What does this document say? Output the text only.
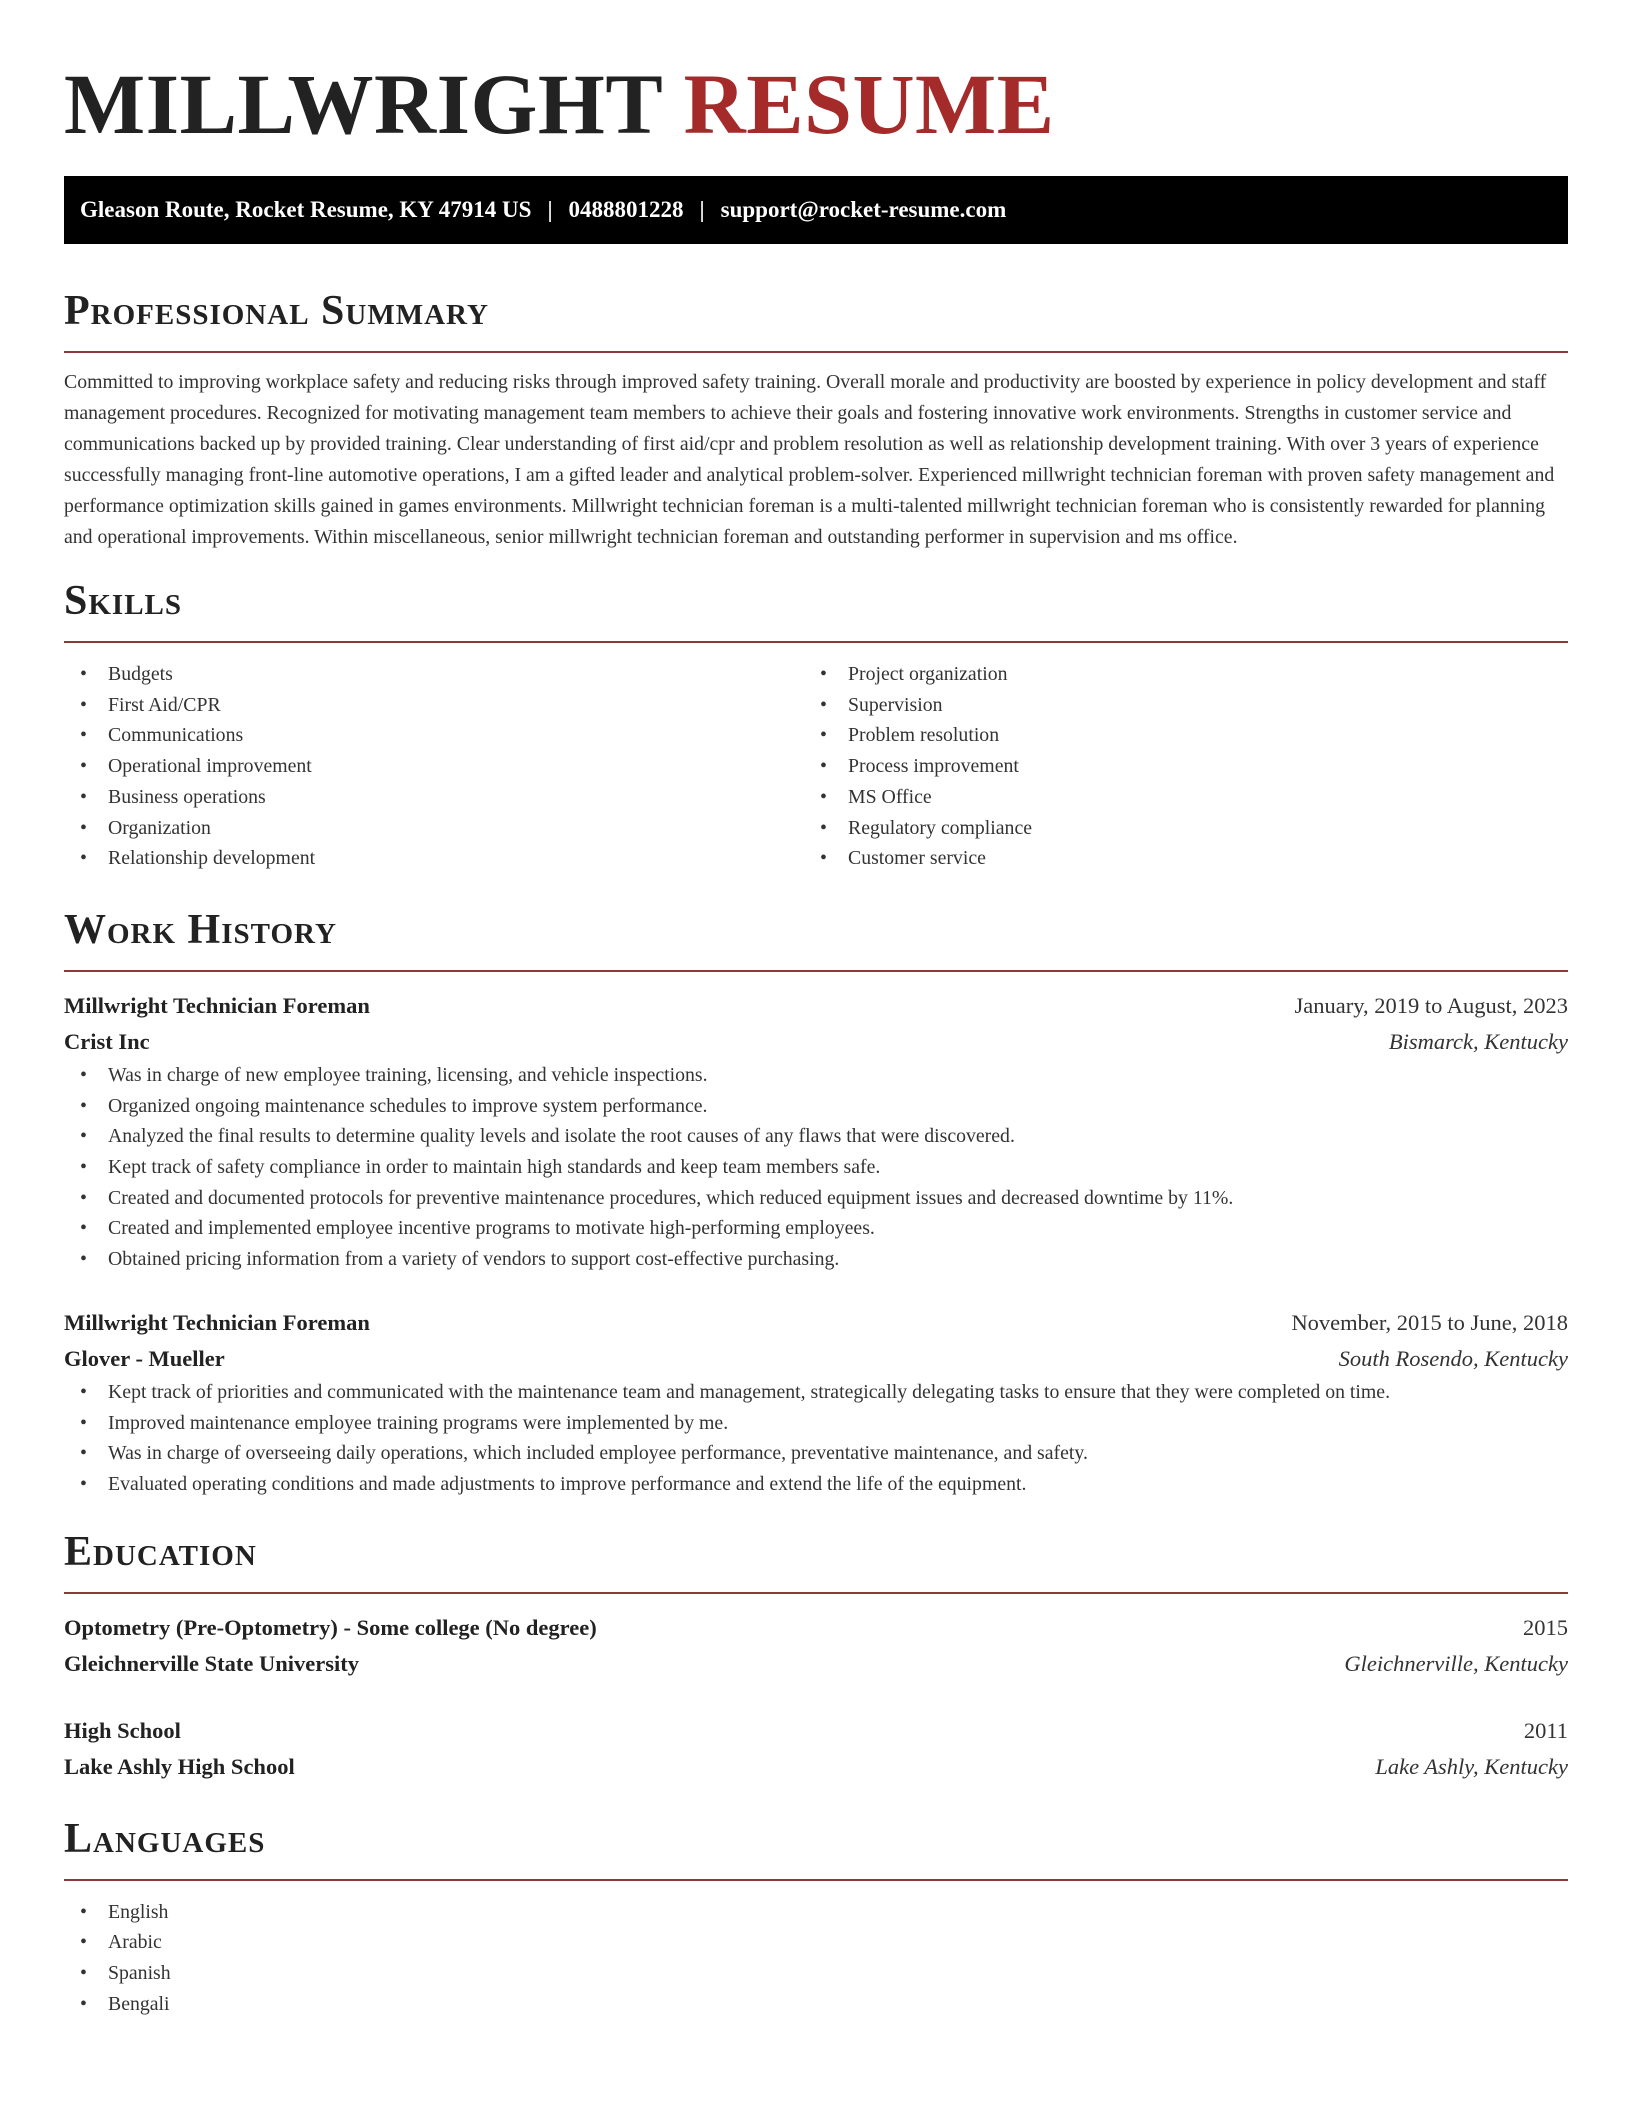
MILLWRIGHT RESUME
Gleason Route, Rocket Resume, KY 47914 US | 0488801228 | support@rocket-resume.com
Professional Summary

Committed to improving workplace safety and reducing risks through improved safety training. Overall morale and productivity are boosted by experience in policy development and staff management procedures. Recognized for motivating management team members to achieve their goals and fostering innovative work environments. Strengths in customer service and communications backed up by provided training. Clear understanding of first aid/cpr and problem resolution as well as relationship development training. With over 3 years of experience successfully managing front-line automotive operations, I am a gifted leader and analytical problem-solver. Experienced millwright technician foreman with proven safety management and performance optimization skills gained in games environments. Millwright technician foreman is a multi-talented millwright technician foreman who is consistently rewarded for planning and operational improvements. Within miscellaneous, senior millwright technician foreman and outstanding performer in supervision and ms office.

Skills
• Budgets
• First Aid/CPR
• Communications
• Operational improvement
• Business operations
• Organization
• Relationship development
• Project organization
• Supervision
• Problem resolution
• Process improvement
• MS Office
• Regulatory compliance
• Customer service
Work History
Millwright Technician Foreman	January, 2019 to August, 2023
Crist Inc	Bismarck, Kentucky
• Was in charge of new employee training, licensing, and vehicle inspections.
• Organized ongoing maintenance schedules to improve system performance.
• Analyzed the final results to determine quality levels and isolate the root causes of any flaws that were discovered.
• Kept track of safety compliance in order to maintain high standards and keep team members safe.
• Created and documented protocols for preventive maintenance procedures, which reduced equipment issues and decreased downtime by 11%.
• Created and implemented employee incentive programs to motivate high-performing employees.
• Obtained pricing information from a variety of vendors to support cost-effective purchasing.
Millwright Technician Foreman	November, 2015 to June, 2018
Glover - Mueller	South Rosendo, Kentucky
• Kept track of priorities and communicated with the maintenance team and management, strategically delegating tasks to ensure that they were completed on time.
• Improved maintenance employee training programs were implemented by me.
• Was in charge of overseeing daily operations, which included employee performance, preventative maintenance, and safety.
• Evaluated operating conditions and made adjustments to improve performance and extend the life of the equipment.
Education
Optometry (Pre-Optometry) - Some college (No degree)	2015
Gleichnerville State University	Gleichnerville, Kentucky
High School	2011
Lake Ashly High School	Lake Ashly, Kentucky
Languages
• English
• Arabic
• Spanish
• Bengali
